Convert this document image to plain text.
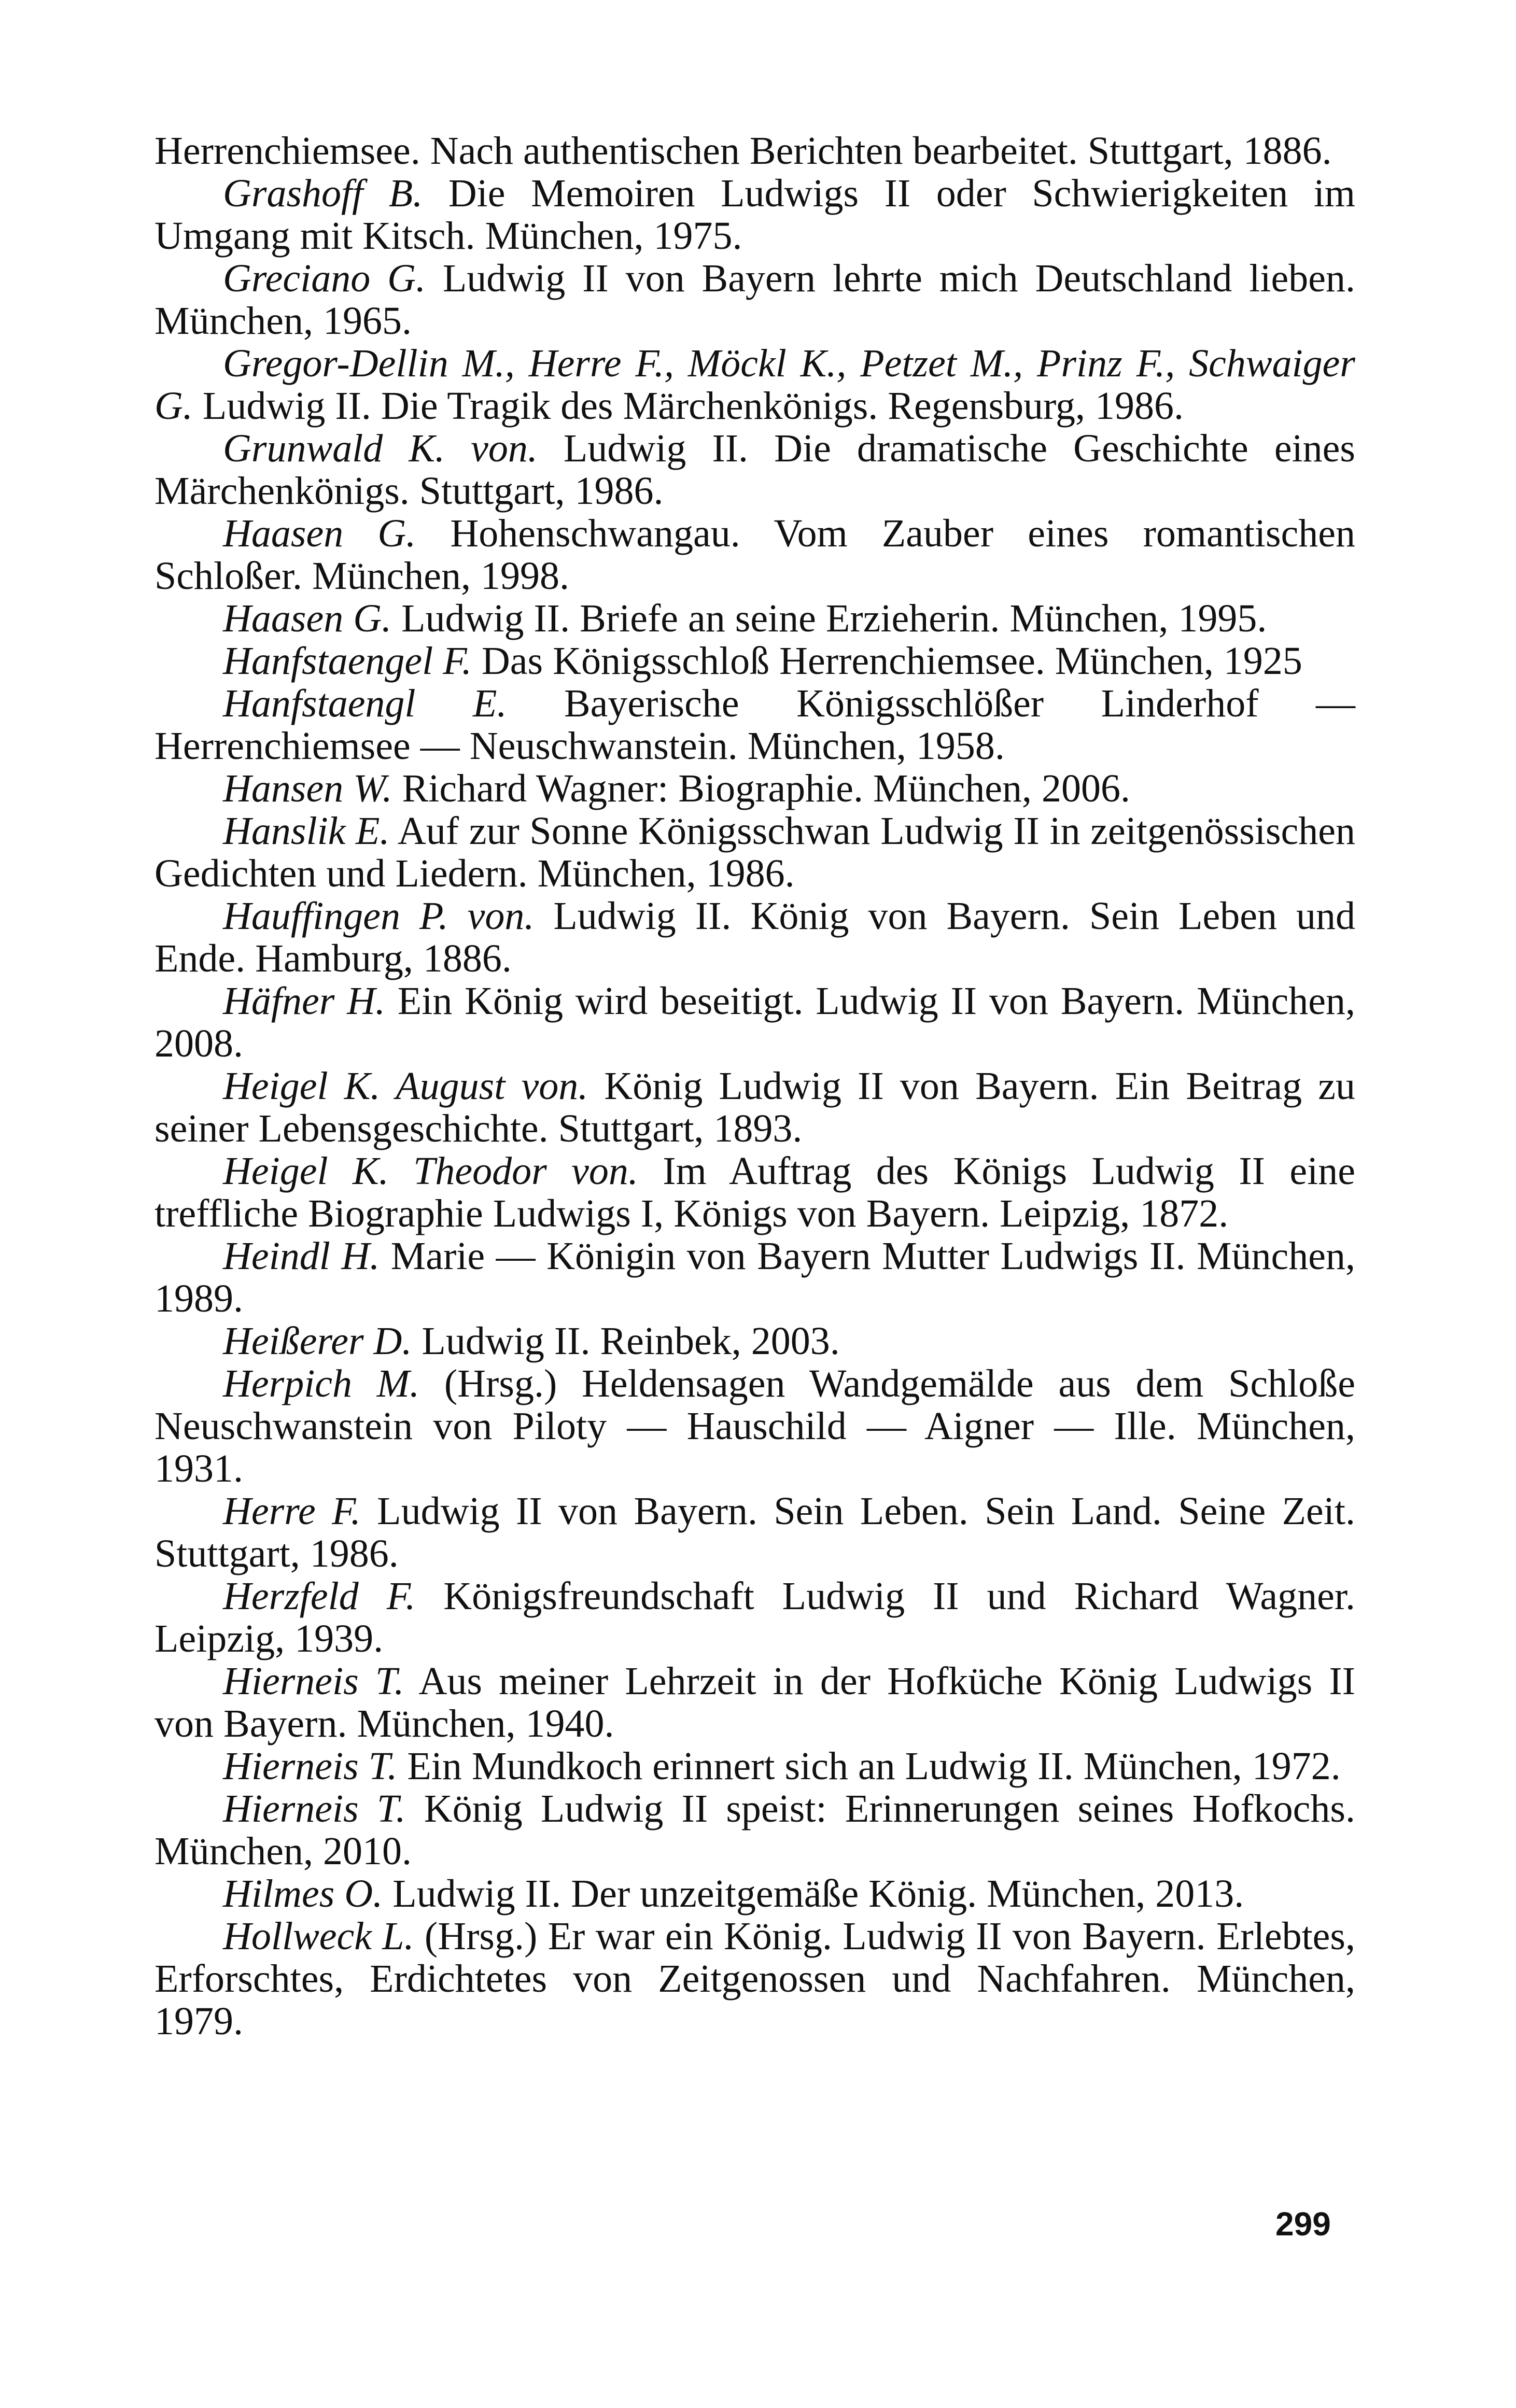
Herrenchiemsee. Nach authentischen Berichten bearbeitet. Stuttgart, 1886.

Grashoff B. Die Memoiren Ludwigs II oder Schwierigkeiten im Umgang mit Kitsch. München, 1975.

Greciano G. Ludwig II von Bayern lehrte mich Deutschland lieben. München, 1965.

Gregor-Dellin M., Herre F., Möckl K., Petzet M., Prinz F., Schwaiger G. Ludwig II. Die Tragik des Märchenkönigs. Regensburg, 1986.

Grunwald K. von. Ludwig II. Die dramatische Geschichte eines Märchenkönigs. Stuttgart, 1986.

Haasen G. Hohenschwangau. Vom Zauber eines romantischen Schloßer. München, 1998.

Haasen G. Ludwig II. Briefe an seine Erzieherin. München, 1995.

Hanfstaengel F. Das Königsschloß Herrenchiemsee. München, 1925

Hanfstaengl E. Bayerische Königsschlößer Linderhof — Herrenchiemsee — Neuschwanstein. München, 1958.

Hansen W. Richard Wagner: Biographie. München, 2006.

Hanslik E. Auf zur Sonne Königsschwan Ludwig II in zeitgenössischen Gedichten und Liedern. München, 1986.

Hauffingen P. von. Ludwig II. König von Bayern. Sein Leben und Ende. Hamburg, 1886.

Häfner H. Ein König wird beseitigt. Ludwig II von Bayern. München, 2008.

Heigel K. August von. König Ludwig II von Bayern. Ein Beitrag zu seiner Lebensgeschichte. Stuttgart, 1893.

Heigel K. Theodor von. Im Auftrag des Königs Ludwig II eine treffliche Biographie Ludwigs I, Königs von Bayern. Leipzig, 1872.

Heindl H. Marie — Königin von Bayern Mutter Ludwigs II. München, 1989.

Heißerer D. Ludwig II. Reinbek, 2003.

Herpich M. (Hrsg.) Heldensagen Wandgemälde aus dem Schloße Neuschwanstein von Piloty — Hauschild — Aigner — Ille. München, 1931.

Herre F. Ludwig II von Bayern. Sein Leben. Sein Land. Seine Zeit. Stuttgart, 1986.

Herzfeld F. Königsfreundschaft Ludwig II und Richard Wagner. Leipzig, 1939.

Hierneis T. Aus meiner Lehrzeit in der Hofküche König Ludwigs II von Bayern. München, 1940.

Hierneis T. Ein Mundkoch erinnert sich an Ludwig II. München, 1972.

Hierneis T. König Ludwig II speist: Erinnerungen seines Hofkochs. München, 2010.

Hilmes O. Ludwig II. Der unzeitgemäße König. München, 2013.

Hollweck L. (Hrsg.) Er war ein König. Ludwig II von Bayern. Erlebtes, Erforschtes, Erdichtetes von Zeitgenossen und Nachfahren. München, 1979.

299
